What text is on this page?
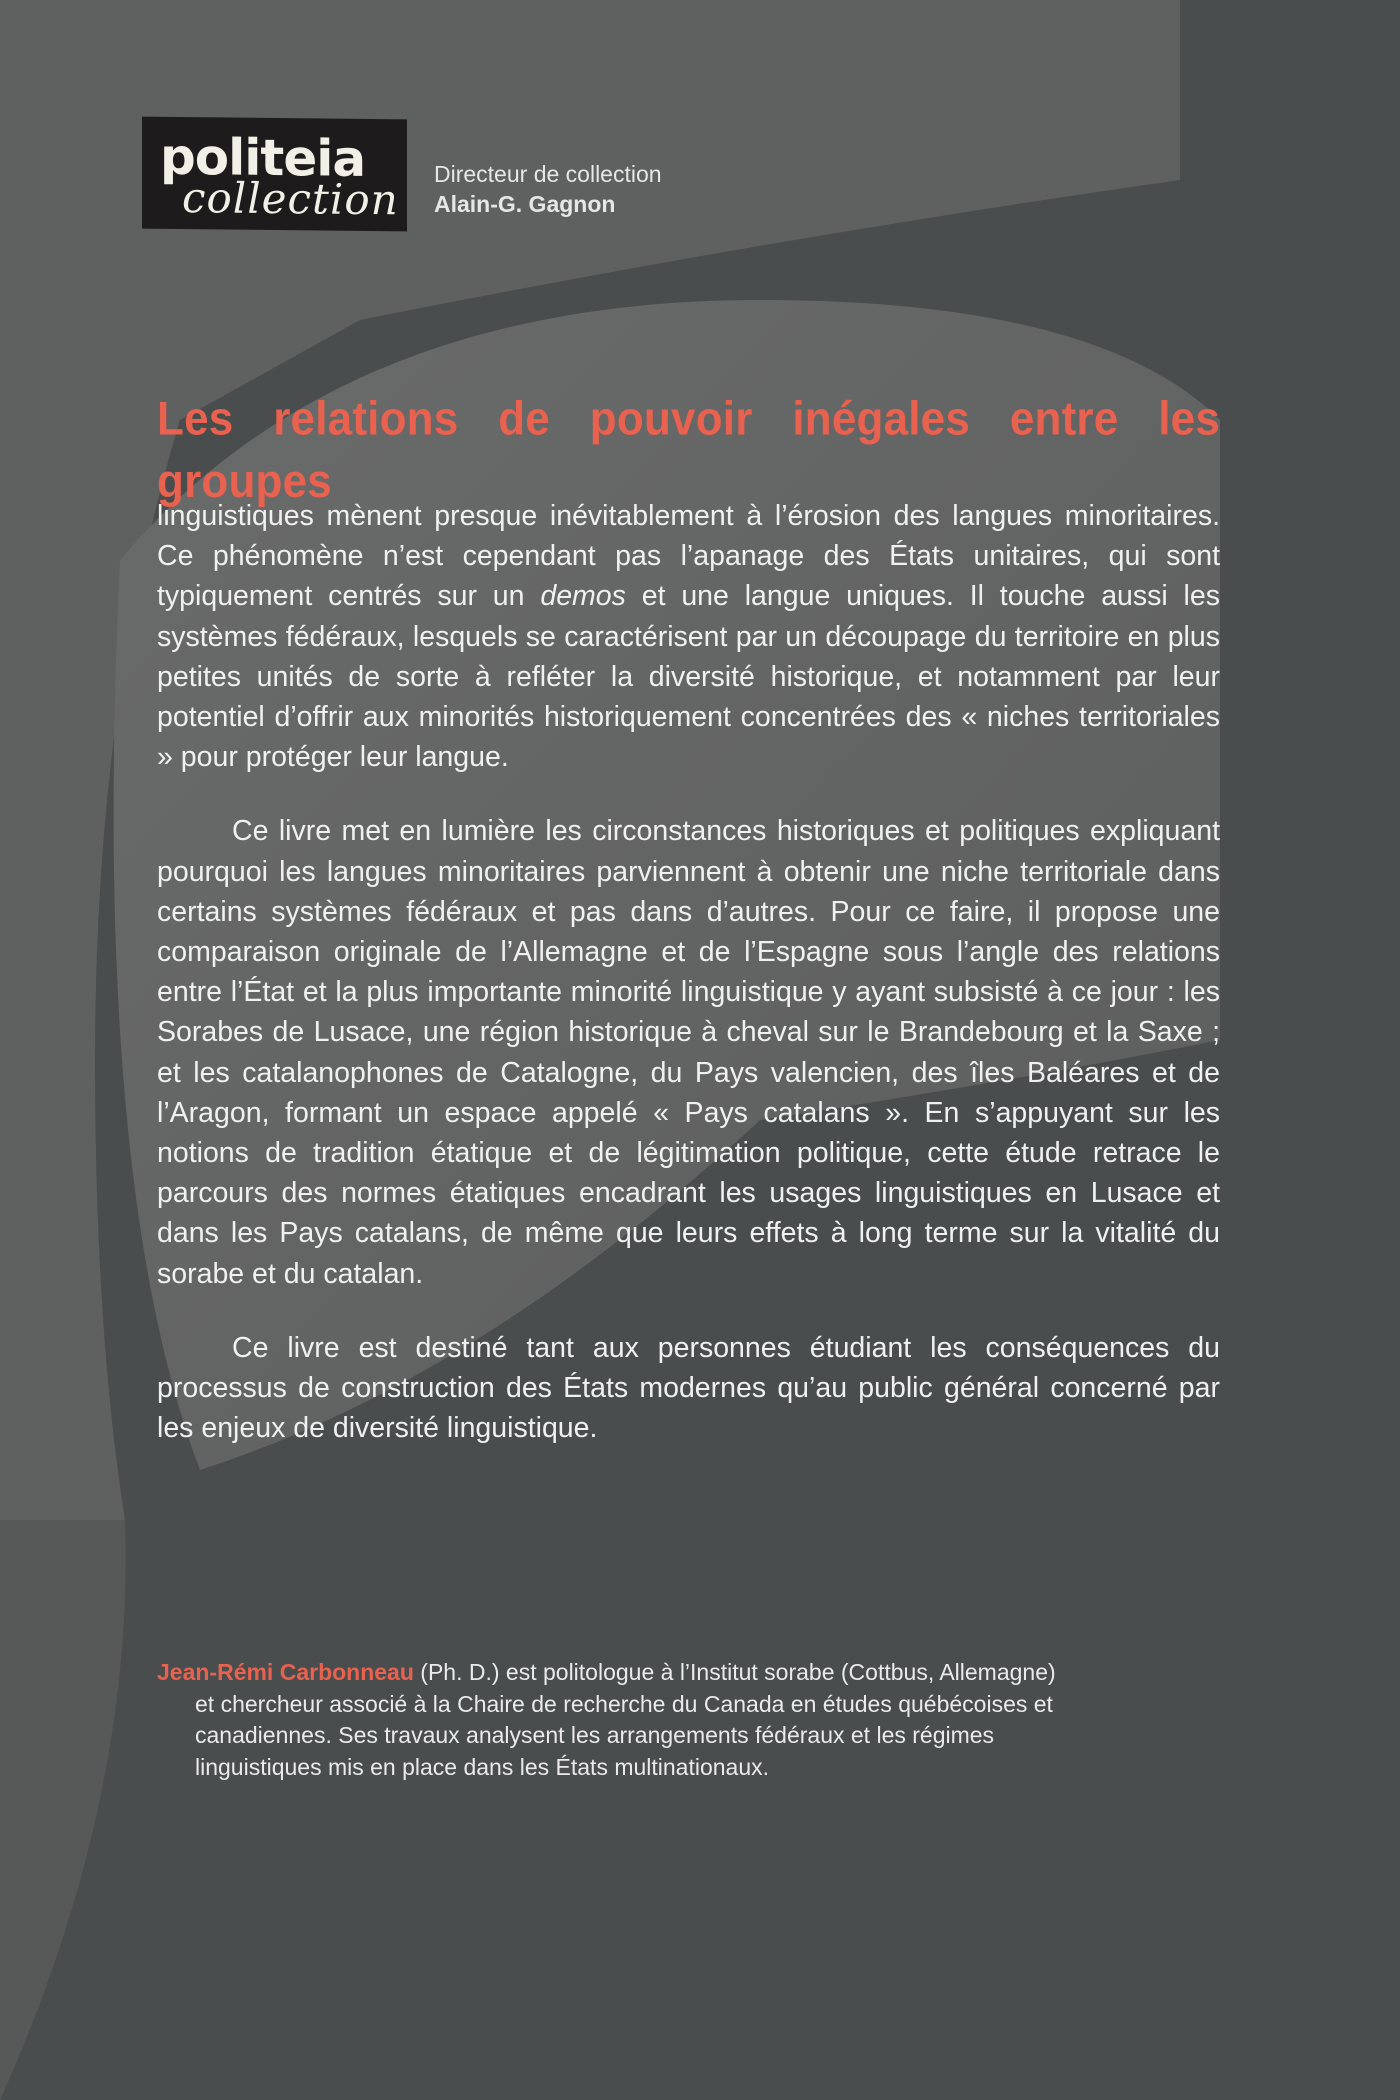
politeia
collection Directeur de collection
Alain-G. Gagnon

Les relations de pouvoir inégales entre les groupes
linguistiques mènent presque inévitablement à l’érosion des langues minoritaires. Ce phénomène n’est cependant pas l’apanage des États unitaires, qui sont typiquement centrés sur un demos et une langue uniques. Il touche aussi les systèmes fédéraux, lesquels se caractérisent par un découpage du territoire en plus petites unités de sorte à refléter la diversité historique, et notamment par leur potentiel d’offrir aux minorités historiquement concentrées des « niches territoriales » pour protéger leur langue.

Ce livre met en lumière les circonstances historiques et politiques expliquant pourquoi les langues minoritaires parviennent à obtenir une niche territoriale dans certains systèmes fédéraux et pas dans d’autres. Pour ce faire, il propose une comparaison originale de l’Allemagne et de l’Espagne sous l’angle des relations entre l’État et la plus importante minorité linguistique y ayant subsisté à ce jour : les Sorabes de Lusace, une région historique à cheval sur le Brandebourg et la Saxe ; et les catalanophones de Catalogne, du Pays valencien, des îles Baléares et de l’Aragon, formant un espace appelé « Pays catalans ». En s’appuyant sur les notions de tradition étatique et de légitimation politique, cette étude retrace le parcours des normes étatiques encadrant les usages linguistiques en Lusace et dans les Pays catalans, de même que leurs effets à long terme sur la vitalité du sorabe et du catalan.

Ce livre est destiné tant aux personnes étudiant les conséquences du processus de construction des États modernes qu’au public général concerné par les enjeux de diversité linguistique.

Jean-Rémi Carbonneau (Ph. D.) est politologue à l’Institut sorabe (Cottbus, Allemagne) et chercheur associé à la Chaire de recherche du Canada en études québécoises et canadiennes. Ses travaux analysent les arrangements fédéraux et les régimes linguistiques mis en place dans les États multinationaux.
